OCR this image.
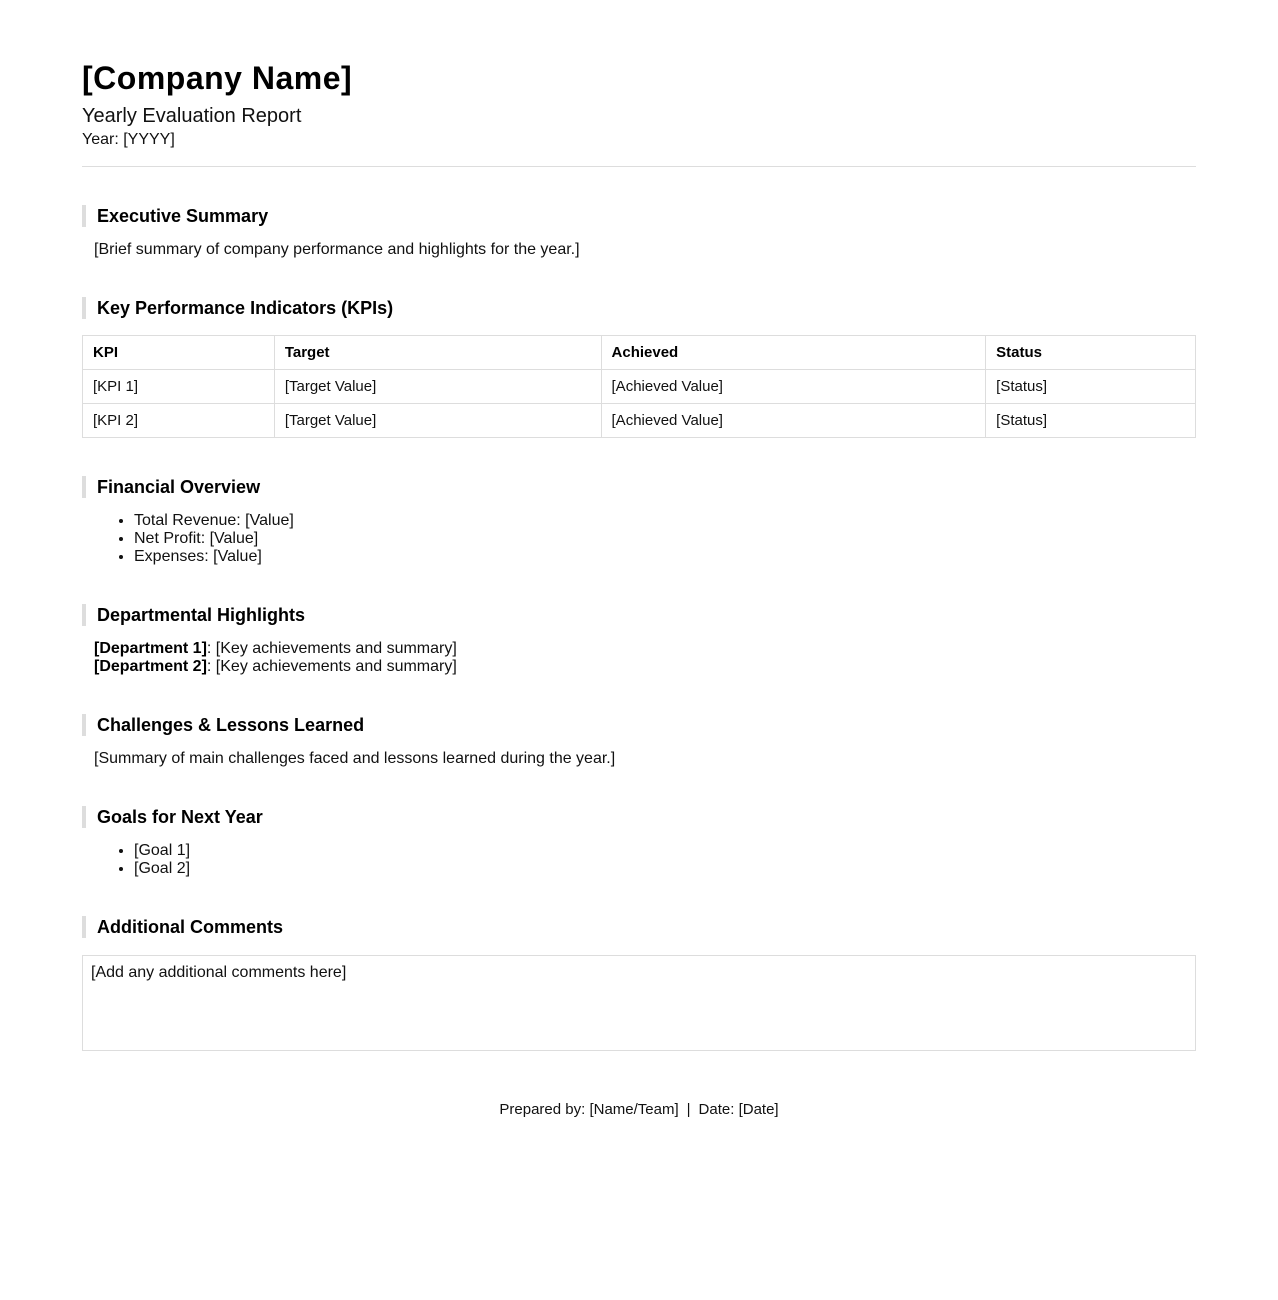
[Company Name]
Yearly Evaluation Report
Year: [YYYY]
Executive Summary
[Brief summary of company performance and highlights for the year.]
Key Performance Indicators (KPIs)
KPI	Target	Achieved	Status
[KPI 1]	[Target Value]	[Achieved Value]	[Status]
[KPI 2]	[Target Value]	[Achieved Value]	[Status]
Financial Overview
• Total Revenue: [Value]
• Net Profit: [Value]
• Expenses: [Value]
Departmental Highlights
[Department 1]: [Key achievements and summary]
[Department 2]: [Key achievements and summary]
Challenges & Lessons Learned
[Summary of main challenges faced and lessons learned during the year.]
Goals for Next Year
• [Goal 1]
• [Goal 2]
Additional Comments
[Add any additional comments here]
Prepared by: [Name/Team] | Date: [Date]
